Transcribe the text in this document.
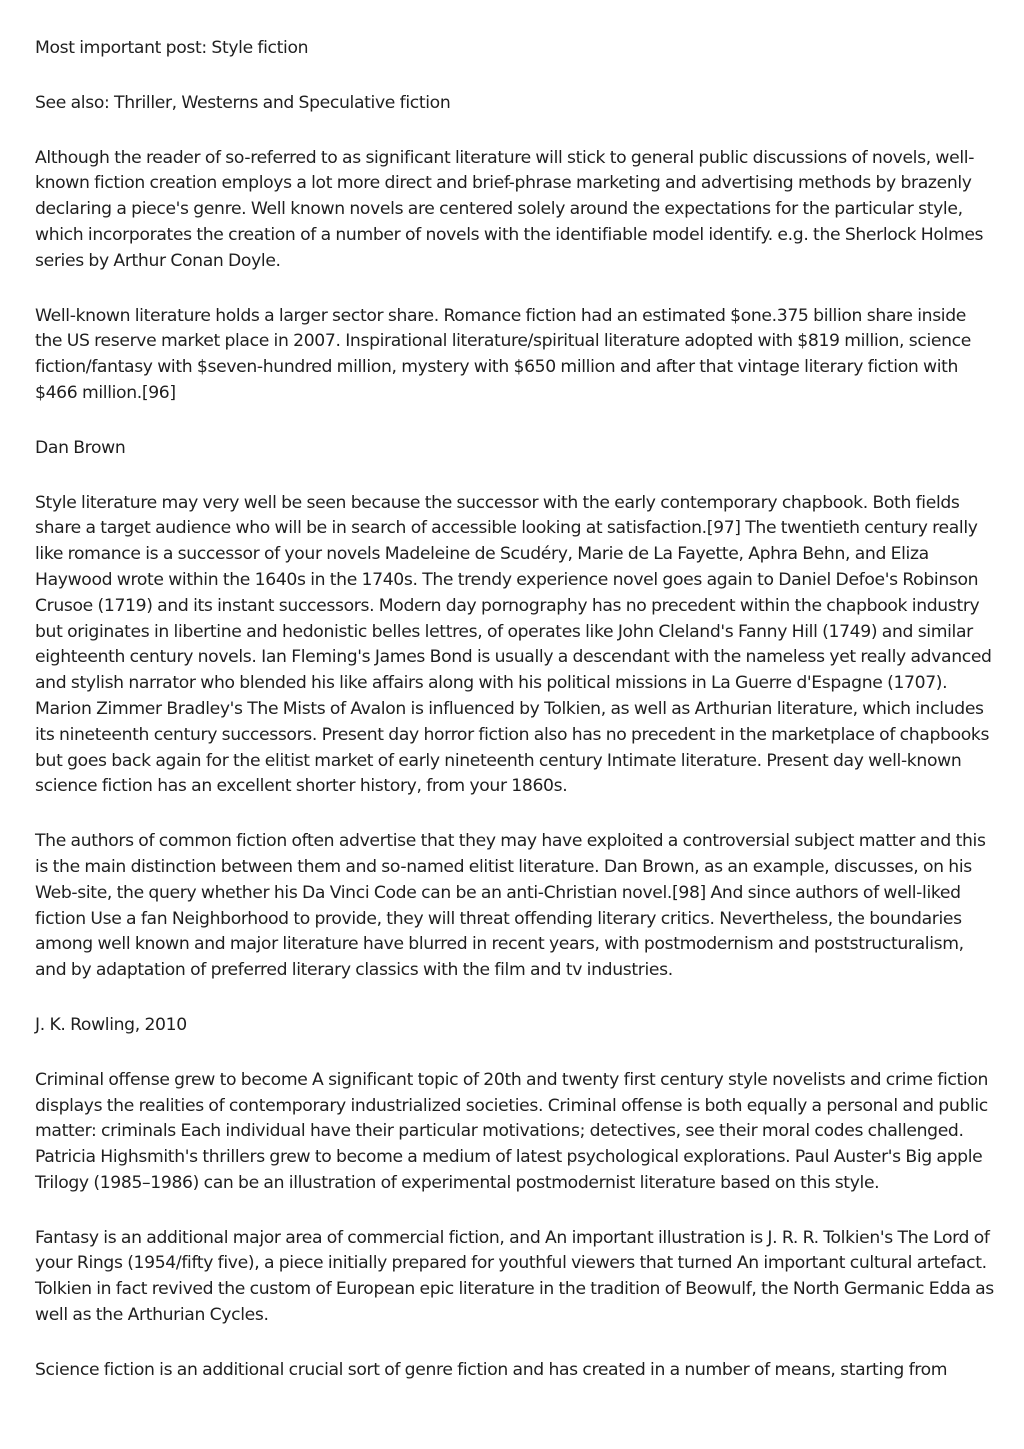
Most important post: Style fiction

See also: Thriller, Westerns and Speculative fiction

Although the reader of so-referred to as significant literature will stick to general public discussions of novels, well-known fiction creation employs a lot more direct and brief-phrase marketing and advertising methods by brazenly declaring a piece's genre. Well known novels are centered solely around the expectations for the particular style, which incorporates the creation of a number of novels with the identifiable model identify. e.g. the Sherlock Holmes series by Arthur Conan Doyle.

Well-known literature holds a larger sector share. Romance fiction had an estimated $one.375 billion share inside the US reserve market place in 2007. Inspirational literature/spiritual literature adopted with $819 million, science fiction/fantasy with $seven-hundred million, mystery with $650 million and after that vintage literary fiction with $466 million.[96]

Dan Brown

Style literature may very well be seen because the successor with the early contemporary chapbook. Both fields share a target audience who will be in search of accessible looking at satisfaction.[97] The twentieth century really like romance is a successor of your novels Madeleine de Scudéry, Marie de La Fayette, Aphra Behn, and Eliza Haywood wrote within the 1640s in the 1740s. The trendy experience novel goes again to Daniel Defoe's Robinson Crusoe (1719) and its instant successors. Modern day pornography has no precedent within the chapbook industry but originates in libertine and hedonistic belles lettres, of operates like John Cleland's Fanny Hill (1749) and similar eighteenth century novels. Ian Fleming's James Bond is usually a descendant with the nameless yet really advanced and stylish narrator who blended his like affairs along with his political missions in La Guerre d'Espagne (1707). Marion Zimmer Bradley's The Mists of Avalon is influenced by Tolkien, as well as Arthurian literature, which includes its nineteenth century successors. Present day horror fiction also has no precedent in the marketplace of chapbooks but goes back again for the elitist market of early nineteenth century Intimate literature. Present day well-known science fiction has an excellent shorter history, from your 1860s.

The authors of common fiction often advertise that they may have exploited a controversial subject matter and this is the main distinction between them and so-named elitist literature. Dan Brown, as an example, discusses, on his Web-site, the query whether his Da Vinci Code can be an anti-Christian novel.[98] And since authors of well-liked fiction Use a fan Neighborhood to provide, they will threat offending literary critics. Nevertheless, the boundaries among well known and major literature have blurred in recent years, with postmodernism and poststructuralism, and by adaptation of preferred literary classics with the film and tv industries.

J. K. Rowling, 2010

Criminal offense grew to become A significant topic of 20th and twenty first century style novelists and crime fiction displays the realities of contemporary industrialized societies. Criminal offense is both equally a personal and public matter: criminals Each individual have their particular motivations; detectives, see their moral codes challenged. Patricia Highsmith's thrillers grew to become a medium of latest psychological explorations. Paul Auster's Big apple Trilogy (1985–1986) can be an illustration of experimental postmodernist literature based on this style.

Fantasy is an additional major area of commercial fiction, and An important illustration is J. R. R. Tolkien's The Lord of your Rings (1954/fifty five), a piece initially prepared for youthful viewers that turned An important cultural artefact. Tolkien in fact revived the custom of European epic literature in the tradition of Beowulf, the North Germanic Edda as well as the Arthurian Cycles.

Science fiction is an additional crucial sort of genre fiction and has created in a number of means, starting from
